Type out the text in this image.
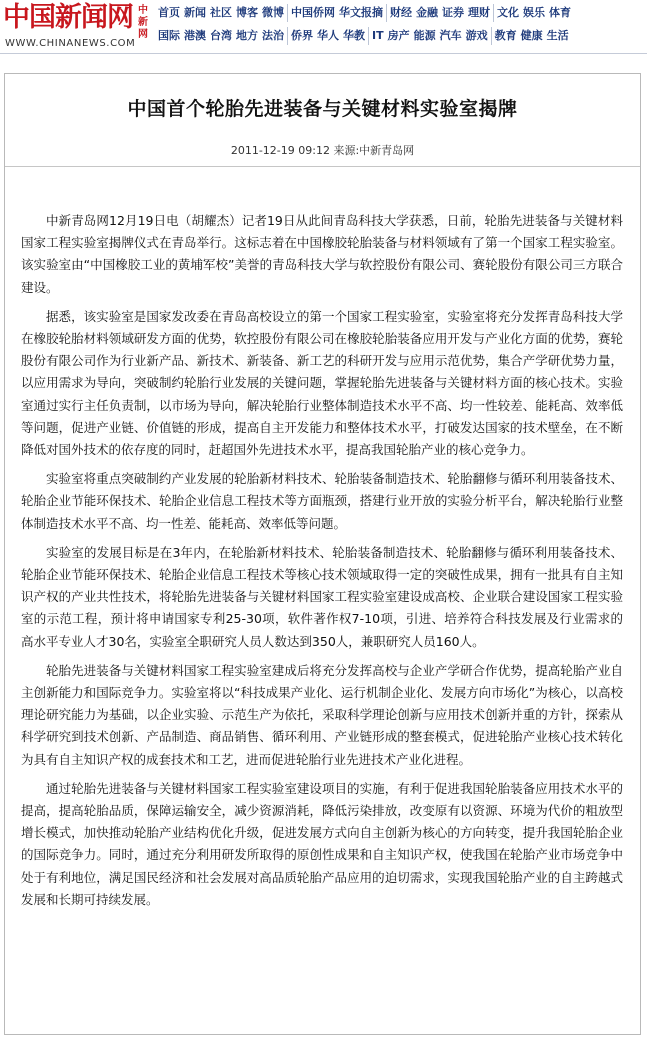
中国新闻网 中新网
WWW.CHINANEWS.COM
首页 新闻 社区 博客 微博 中国侨网 华文报摘 财经 金融 证券 理财 文化 娱乐 体育
国际 港澳 台湾 地方 法治 侨界 华人 华教 IT 房产 能源 汽车 游戏 教育 健康 生活
中国首个轮胎先进装备与关键材料实验室揭牌
2011-12-19 09:12 来源:中新青岛网

中新青岛网12月19日电（胡耀杰）记者19日从此间青岛科技大学获悉，日前，轮胎先进装备与关键材料国家工程实验室揭牌仪式在青岛举行。这标志着在中国橡胶轮胎装备与材料领域有了第一个国家工程实验室。该实验室由“中国橡胶工业的黄埔军校”美誉的青岛科技大学与软控股份有限公司、赛轮股份有限公司三方联合建设。

据悉，该实验室是国家发改委在青岛高校设立的第一个国家工程实验室，实验室将充分发挥青岛科技大学在橡胶轮胎材料领域研发方面的优势，软控股份有限公司在橡胶轮胎装备应用开发与产业化方面的优势，赛轮股份有限公司作为行业新产品、新技术、新装备、新工艺的科研开发与应用示范优势，集合产学研优势力量，以应用需求为导向，突破制约轮胎行业发展的关键问题，掌握轮胎先进装备与关键材料方面的核心技术。实验室通过实行主任负责制，以市场为导向，解决轮胎行业整体制造技术水平不高、均一性较差、能耗高、效率低等问题，促进产业链、价值链的形成，提高自主开发能力和整体技术水平，打破发达国家的技术壁垒，在不断降低对国外技术的依存度的同时，赶超国外先进技术水平，提高我国轮胎产业的核心竞争力。

实验室将重点突破制约产业发展的轮胎新材料技术、轮胎装备制造技术、轮胎翻修与循环利用装备技术、轮胎企业节能环保技术、轮胎企业信息工程技术等方面瓶颈，搭建行业开放的实验分析平台，解决轮胎行业整体制造技术水平不高、均一性差、能耗高、效率低等问题。

实验室的发展目标是在3年内，在轮胎新材料技术、轮胎装备制造技术、轮胎翻修与循环利用装备技术、轮胎企业节能环保技术、轮胎企业信息工程技术等核心技术领域取得一定的突破性成果，拥有一批具有自主知识产权的产业共性技术，将轮胎先进装备与关键材料国家工程实验室建设成高校、企业联合建设国家工程实验室的示范工程，预计将申请国家专利25-30项，软件著作权7-10项，引进、培养符合科技发展及行业需求的高水平专业人才30名，实验室全职研究人员人数达到350人，兼职研究人员160人。

轮胎先进装备与关键材料国家工程实验室建成后将充分发挥高校与企业产学研合作优势，提高轮胎产业自主创新能力和国际竞争力。实验室将以“科技成果产业化、运行机制企业化、发展方向市场化”为核心，以高校理论研究能力为基础，以企业实验、示范生产为依托，采取科学理论创新与应用技术创新并重的方针，探索从科学研究到技术创新、产品制造、商品销售、循环利用、产业链形成的整套模式，促进轮胎产业核心技术转化为具有自主知识产权的成套技术和工艺，进而促进轮胎行业先进技术产业化进程。

通过轮胎先进装备与关键材料国家工程实验室建设项目的实施，有利于促进我国轮胎装备应用技术水平的提高，提高轮胎品质，保障运输安全，减少资源消耗，降低污染排放，改变原有以资源、环境为代价的粗放型增长模式，加快推动轮胎产业结构优化升级，促进发展方式向自主创新为核心的方向转变，提升我国轮胎企业的国际竞争力。同时，通过充分利用研发所取得的原创性成果和自主知识产权，使我国在轮胎产业市场竞争中处于有利地位，满足国民经济和社会发展对高品质轮胎产品应用的迫切需求，实现我国轮胎产业的自主跨越式发展和长期可持续发展。
